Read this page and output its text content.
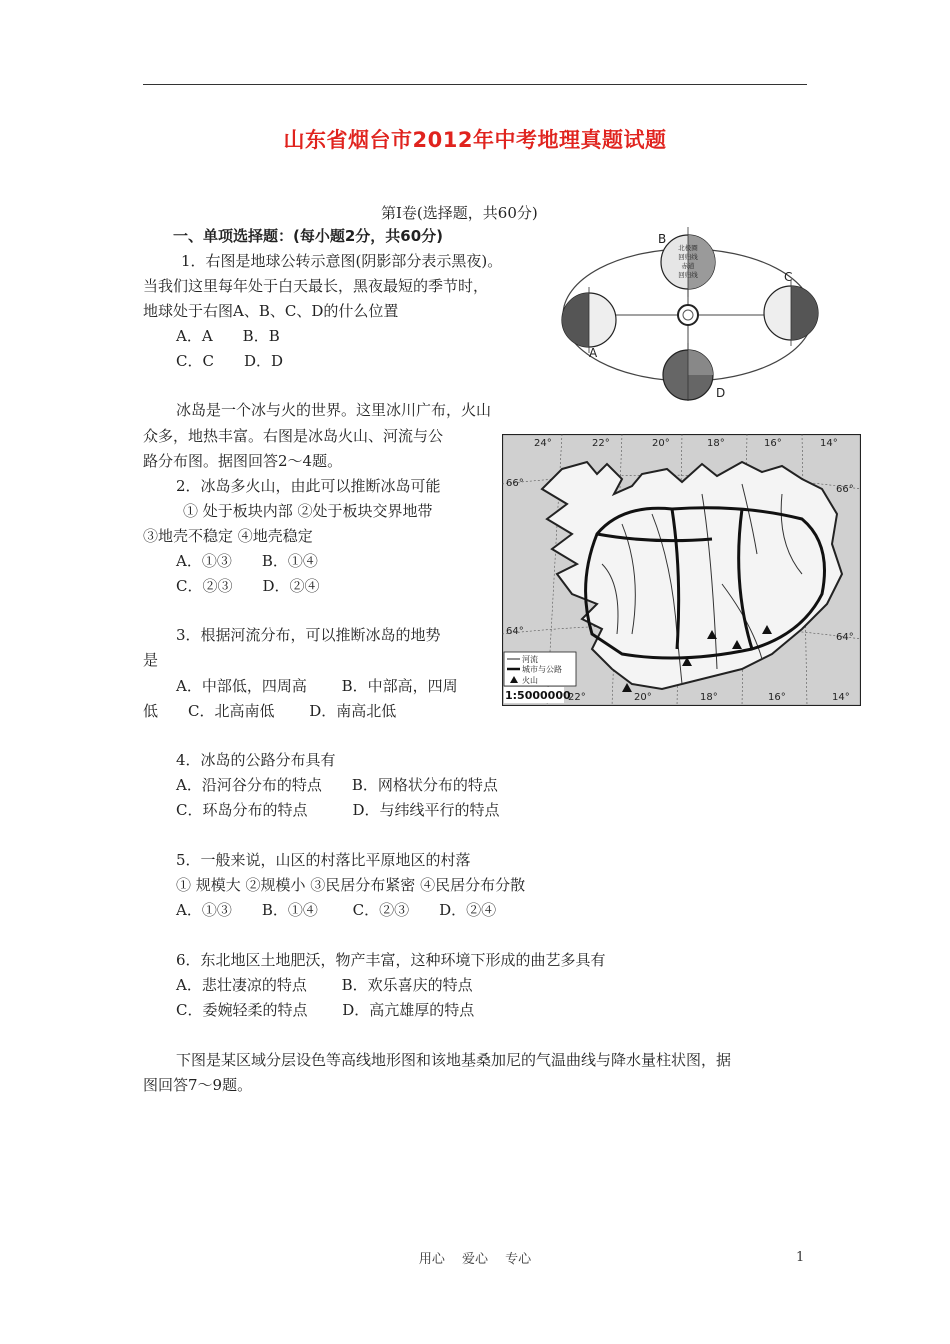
山东省烟台市2012年中考地理真题试题
第Ⅰ卷(选择题，共60分)
一、单项选择题：(每小题2分，共60分)
1．右图是地球公转示意图(阴影部分表示黑夜)。
当我们这里每年处于白天最长，黑夜最短的季节时，
地球处于右图A、B、C、D的什么位置
A．A　　B．B
C．C　　D．D
北极圈
回归线
赤道
回归线
B
A
C
D
冰岛是一个冰与火的世界。这里冰川广布，火山
众多，地热丰富。右图是冰岛火山、河流与公
路分布图。据图回答2～4题。
2．冰岛多火山，由此可以推断冰岛可能
① 处于板块内部 ②处于板块交界地带
③地壳不稳定 ④地壳稳定
A．①③　　B．①④
C．②③　　D．②④
3．根据河流分布，可以推断冰岛的地势
是
A．中部低，四周高　　 B．中部高，四周
低　　C．北高南低　　 D．南高北低
24°	22°	20°	18°	16°	14°
66°
64°
66°
64°
22°	20°	18°	16°	14°
河流
城市与公路
火山
1:5000000
4．冰岛的公路分布具有
A．沿河谷分布的特点　　B．网格状分布的特点
C．环岛分布的特点　　　D．与纬线平行的特点
5．一般来说，山区的村落比平原地区的村落
① 规模大 ②规模小 ③民居分布紧密 ④民居分布分散
A．①③　　B．①④　　 C．②③　　D．②④
6．东北地区土地肥沃，物产丰富，这种环境下形成的曲艺多具有
A．悲壮凄凉的特点　　 B．欢乐喜庆的特点
C．委婉轻柔的特点　　 D．高亢雄厚的特点
下图是某区域分层设色等高线地形图和该地基桑加尼的气温曲线与降水量柱状图，据
图回答7～9题。
用心　 爱心　 专心	1
